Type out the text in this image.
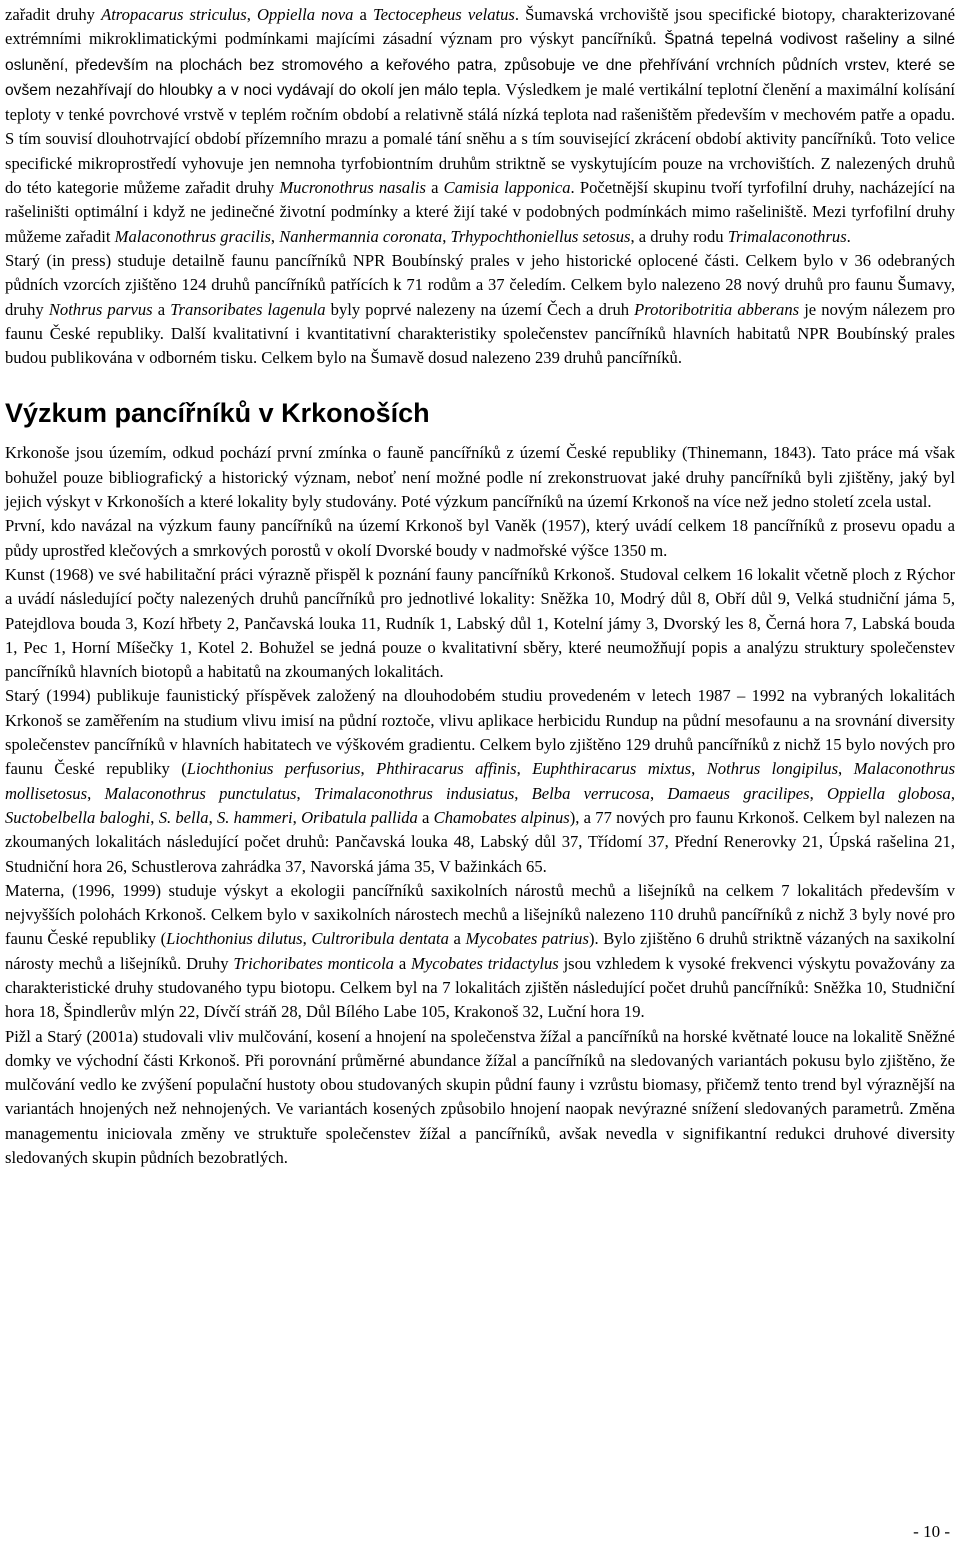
zařadit druhy Atropacarus striculus, Oppiella nova a Tectocepheus velatus. Šumavská vrchoviště jsou specifické biotopy, charakterizované extrémními mikroklimatickými podmínkami majícími zásadní význam pro výskyt pancířníků. Špatná tepelná vodivost rašeliny a silné oslunění, především na plochách bez stromového a keřového patra, způsobuje ve dne přehřívání vrchních půdních vrstev, které se ovšem nezahřívají do hloubky a v noci vydávají do okolí jen málo tepla. Výsledkem je malé vertikální teplotní členění a maximální kolísání teploty v tenké povrchové vrstvě v teplém ročním období a relativně stálá nízká teplota nad rašeništěm především v mechovém patře a opadu. S tím souvisí dlouhotrvající období přízemního mrazu a pomalé tání sněhu a s tím související zkrácení období aktivity pancířníků. Toto velice specifické mikroprostředí vyhovuje jen nemnoha tyrfobiontním druhům striktně se vyskytujícím pouze na vrchovištích. Z nalezených druhů do této kategorie můžeme zařadit druhy Mucronothrus nasalis a Camisia lapponica. Početnější skupinu tvoří tyrfofilní druhy, nacházející na rašeliništi optimální i když ne jedinečné životní podmínky a které žijí také v podobných podmínkách mimo rašeliniště. Mezi tyrfofilní druhy můžeme zařadit Malaconothrus gracilis, Nanhermannia coronata, Trhypochthoniellus setosus, a druhy rodu Trimalaconothrus.

Starý (in press) studuje detailně faunu pancířníků NPR Boubínský prales v jeho historické oplocené části. Celkem bylo v 36 odebraných půdních vzorcích zjištěno 124 druhů pancířníků patřících k 71 rodům a 37 čeledím. Celkem bylo nalezeno 28 nový druhů pro faunu Šumavy, druhy Nothrus parvus a Transoribates lagenula byly poprvé nalezeny na území Čech a druh Protoribotritia abberans je novým nálezem pro faunu České republiky. Další kvalitativní i kvantitativní charakteristiky společenstev pancířníků hlavních habitatů NPR Boubínský prales budou publikována v odborném tisku. Celkem bylo na Šumavě dosud nalezeno 239 druhů pancířníků.

Výzkum pancířníků v Krkonoších

Krkonoše jsou územím, odkud pochází první zmínka o fauně pancířníků z území České republiky (Thinemann, 1843). Tato práce má však bohužel pouze bibliografický a historický význam, neboť není možné podle ní zrekonstruovat jaké druhy pancířníků byli zjištěny, jaký byl jejich výskyt v Krkonoších a které lokality byly studovány. Poté výzkum pancířníků na území Krkonoš na více než jedno století zcela ustal.

První, kdo navázal na výzkum fauny pancířníků na území Krkonoš byl Vaněk (1957), který uvádí celkem 18 pancířníků z prosevu opadu a půdy uprostřed klečových a smrkových porostů v okolí Dvorské boudy v nadmořské výšce 1350 m.

Kunst (1968) ve své habilitační práci výrazně přispěl k poznání fauny pancířníků Krkonoš. Studoval celkem 16 lokalit včetně ploch z Rýchor a uvádí následující počty nalezených druhů pancířníků pro jednotlivé lokality: Sněžka 10, Modrý důl 8, Obří důl 9, Velká studniční jáma 5, Patejdlova bouda 3, Kozí hřbety 2, Pančavská louka 11, Rudník 1, Labský důl 1, Kotelní jámy 3, Dvorský les 8, Černá hora 7, Labská bouda 1, Pec 1, Horní Míšečky 1, Kotel 2. Bohužel se jedná pouze o kvalitativní sběry, které neumožňují popis a analýzu struktury společenstev pancířníků hlavních biotopů a habitatů na zkoumaných lokalitách.

Starý (1994) publikuje faunistický příspěvek založený na dlouhodobém studiu provedeném v letech 1987 – 1992 na vybraných lokalitách Krkonoš se zaměřením na studium vlivu imisí na půdní roztoče, vlivu aplikace herbicidu Rundup na půdní mesofaunu a na srovnání diversity společenstev pancířníků v hlavních habitatech ve výškovém gradientu. Celkem bylo zjištěno 129 druhů pancířníků z nichž 15 bylo nových pro faunu České republiky (Liochthonius perfusorius, Phthiracarus affinis, Euphthiracarus mixtus, Nothrus longipilus, Malaconothrus mollisetosus, Malaconothrus punctulatus, Trimalaconothrus indusiatus, Belba verrucosa, Damaeus gracilipes, Oppiella globosa, Suctobelbella baloghi, S. bella, S. hammeri, Oribatula pallida a Chamobates alpinus), a 77 nových pro faunu Krkonoš. Celkem byl nalezen na zkoumaných lokalitách následující počet druhů: Pančavská louka 48, Labský důl 37, Třídomí 37, Přední Renerovky 21, Úpská rašelina 21, Studniční hora 26, Schustlerova zahrádka 37, Navorská jáma 35, V bažinkách 65.

Materna, (1996, 1999) studuje výskyt a ekologii pancířníků saxikolních nárostů mechů a lišejníků na celkem 7 lokalitách především v nejvyšších polohách Krkonoš. Celkem bylo v saxikolních nárostech mechů a lišejníků nalezeno 110 druhů pancířníků z nichž 3 byly nové pro faunu České republiky (Liochthonius dilutus, Cultroribula dentata a Mycobates patrius). Bylo zjištěno 6 druhů striktně vázaných na saxikolní nárosty mechů a lišejníků. Druhy Trichoribates monticola a Mycobates tridactylus jsou vzhledem k vysoké frekvenci výskytu považovány za charakteristické druhy studovaného typu biotopu. Celkem byl na 7 lokalitách zjištěn následující počet druhů pancířníků: Sněžka 10, Studniční hora 18, Špindlerův mlýn 22, Dívčí stráň 28, Důl Bílého Labe 105, Krakonoš 32, Luční hora 19.

Pižl a Starý (2001a) studovali vliv mulčování, kosení a hnojení na společenstva žížal a pancířníků na horské květnaté louce na lokalitě Sněžné domky ve východní části Krkonoš. Při porovnání průměrné abundance žížal a pancířníků na sledovaných variantách pokusu bylo zjištěno, že mulčování vedlo ke zvýšení populační hustoty obou studovaných skupin půdní fauny i vzrůstu biomasy, přičemž tento trend byl výraznější na variantách hnojených než nehnojených. Ve variantách kosených způsobilo hnojení naopak nevýrazné snížení sledovaných parametrů. Změna managementu iniciovala změny ve struktuře společenstev žížal a pancířníků, avšak nevedla v signifikantní redukci druhové diversity sledovaných skupin půdních bezobratlých.

- 10 -
